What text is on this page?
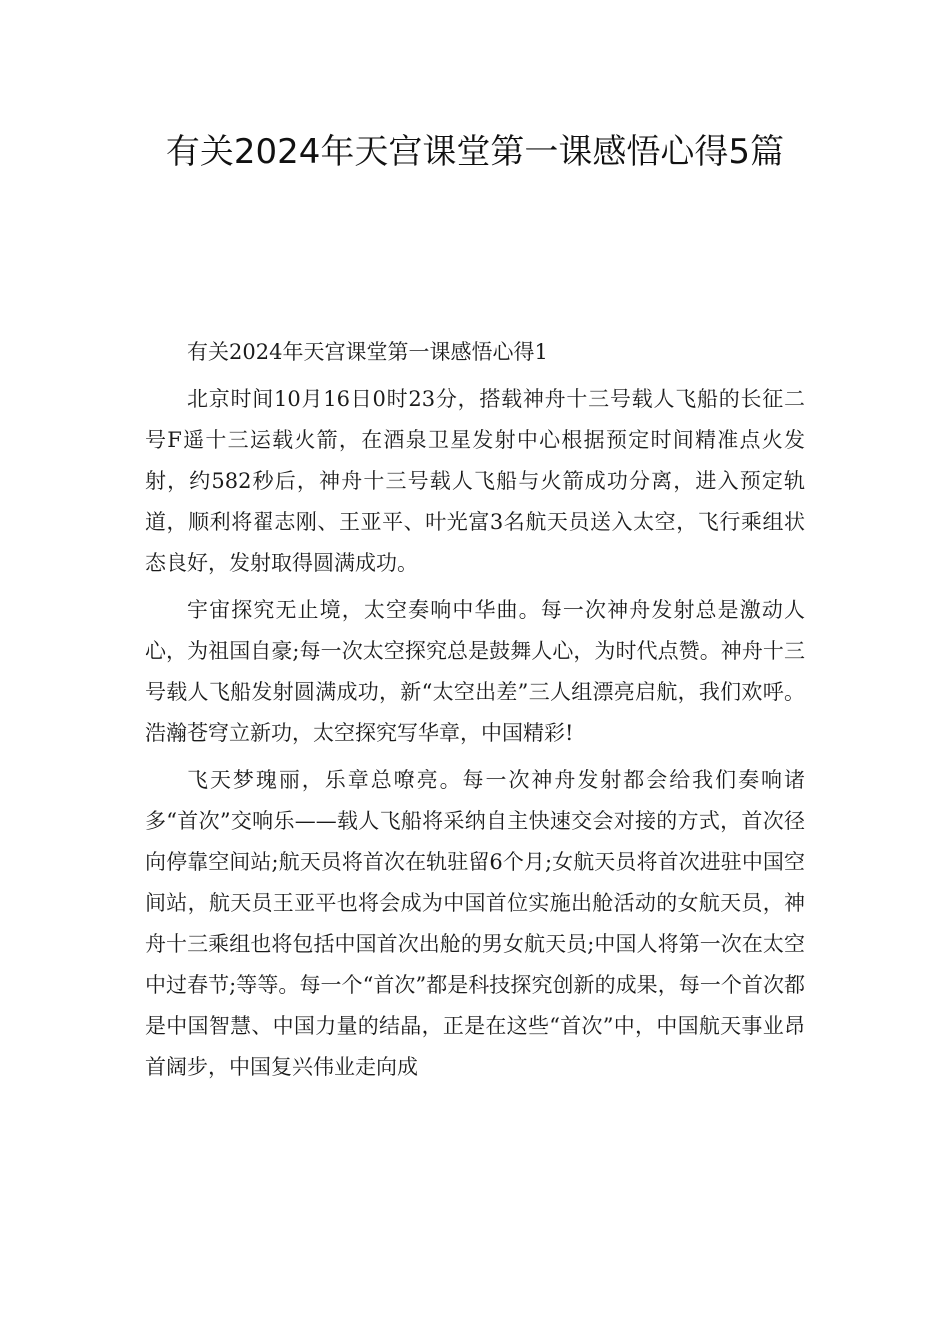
有关2024年天宫课堂第一课感悟心得5篇

有关2024年天宫课堂第一课感悟心得1

北京时间10月16日0时23分，搭载神舟十三号载人飞船的长征二号F遥十三运载火箭，在酒泉卫星发射中心根据预定时间精准点火发射，约582秒后，神舟十三号载人飞船与火箭成功分离，进入预定轨道，顺利将翟志刚、王亚平、叶光富3名航天员送入太空，飞行乘组状态良好，发射取得圆满成功。

宇宙探究无止境，太空奏响中华曲。每一次神舟发射总是激动人心，为祖国自豪;每一次太空探究总是鼓舞人心，为时代点赞。神舟十三号载人飞船发射圆满成功，新“太空出差”三人组漂亮启航，我们欢呼。浩瀚苍穹立新功，太空探究写华章，中国精彩!

飞天梦瑰丽，乐章总嘹亮。每一次神舟发射都会给我们奏响诸多“首次”交响乐——载人飞船将采纳自主快速交会对接的方式，首次径向停靠空间站;航天员将首次在轨驻留6个月;女航天员将首次进驻中国空间站，航天员王亚平也将会成为中国首位实施出舱活动的女航天员，神舟十三乘组也将包括中国首次出舱的男女航天员;中国人将第一次在太空中过春节;等等。每一个“首次”都是科技探究创新的成果，每一个首次都是中国智慧、中国力量的结晶，正是在这些“首次”中，中国航天事业昂首阔步，中国复兴伟业走向成
